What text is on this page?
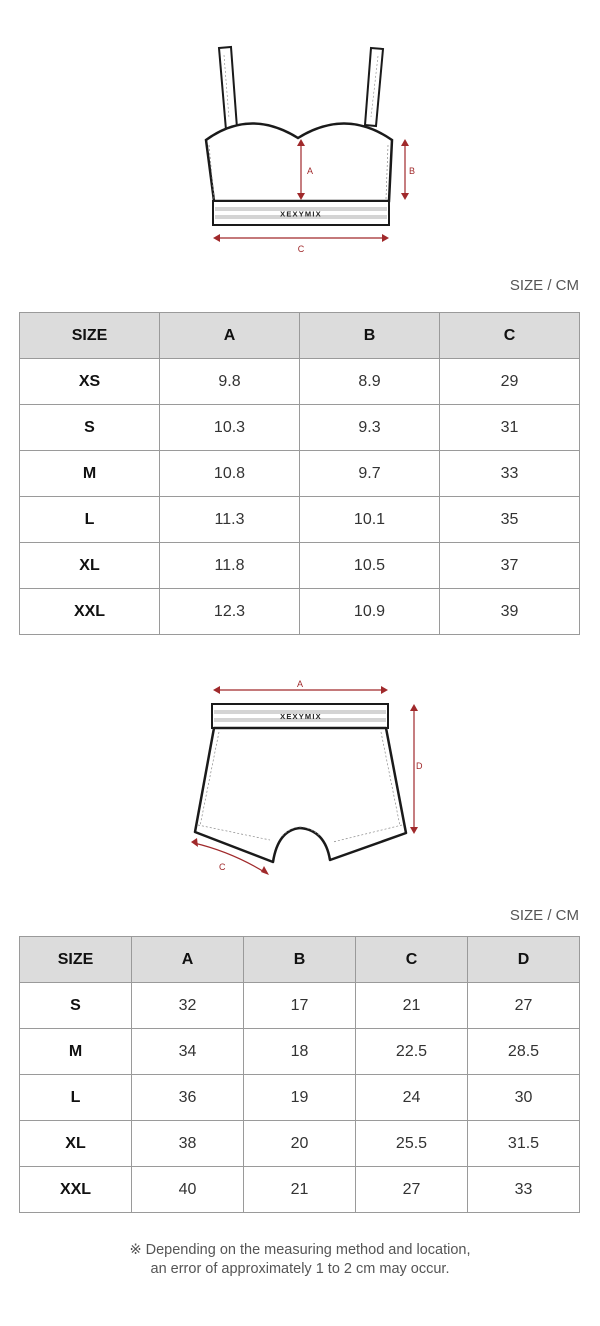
XEXYMIX
A	B
C
SIZE / CM
SIZE	A	B	C
XS	9.8	8.9	29
S	10.3	9.3	31
M	10.8	9.7	33
L	11.3	10.1	35
XL	11.8	10.5	37
XXL	12.3	10.9	39
A
C
D
XEXYMIX
SIZE / CM
SIZE	A	B	C	D
S	32	17	21	27
M	34	18	22.5	28.5
L	36	19	24	30
XL	38	20	25.5	31.5
XXL	40	21	27	33
※ Depending on the measuring method and location,
an error of approximately 1 to 2 cm may occur.
